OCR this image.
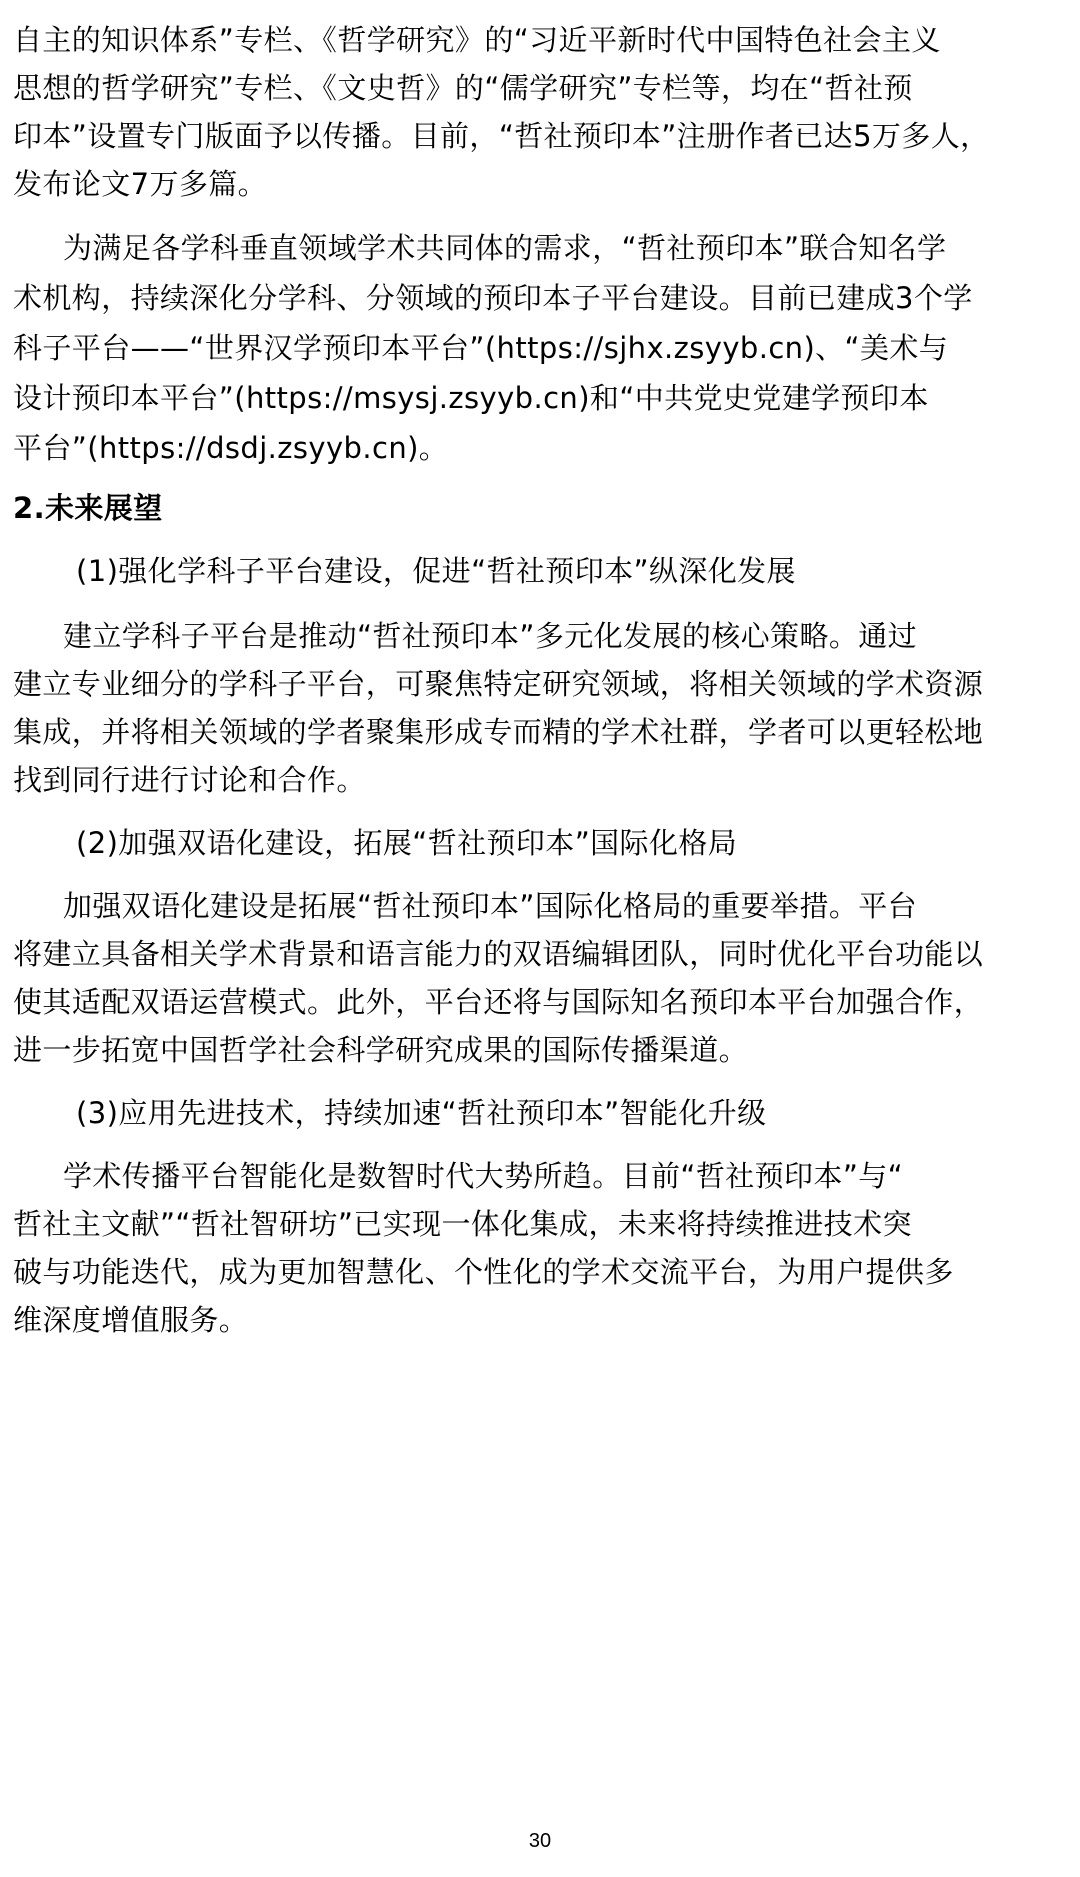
自主的知识体系”专栏、《哲学研究》的“习近平新时代中国特色社会主义

思想的哲学研究”专栏、《文史哲》的“儒学研究”专栏等，均在“哲社预

印本”设置专门版面予以传播。目前，“哲社预印本”注册作者已达5万多人，

发布论文7万多篇。

为满足各学科垂直领域学术共同体的需求，“哲社预印本”联合知名学

术机构，持续深化分学科、分领域的预印本子平台建设。目前已建成3个学

科子平台——“世界汉学预印本平台”(https://sjhx.zsyyb.cn)、“美术与

设计预印本平台”(https://msysj.zsyyb.cn)和“中共党史党建学预印本

平台”(https://dsdj.zsyyb.cn)。

2.未来展望

(1)强化学科子平台建设，促进“哲社预印本”纵深化发展

建立学科子平台是推动“哲社预印本”多元化发展的核心策略。通过

建立专业细分的学科子平台，可聚焦特定研究领域，将相关领域的学术资源

集成，并将相关领域的学者聚集形成专而精的学术社群，学者可以更轻松地

找到同行进行讨论和合作。

(2)加强双语化建设，拓展“哲社预印本”国际化格局

加强双语化建设是拓展“哲社预印本”国际化格局的重要举措。平台

将建立具备相关学术背景和语言能力的双语编辑团队，同时优化平台功能以

使其适配双语运营模式。此外，平台还将与国际知名预印本平台加强合作，

进一步拓宽中国哲学社会科学研究成果的国际传播渠道。

(3)应用先进技术，持续加速“哲社预印本”智能化升级

学术传播平台智能化是数智时代大势所趋。目前“哲社预印本”与“

哲社主文献”“哲社智研坊”已实现一体化集成，未来将持续推进技术突

破与功能迭代，成为更加智慧化、个性化的学术交流平台，为用户提供多

维深度增值服务。

30
